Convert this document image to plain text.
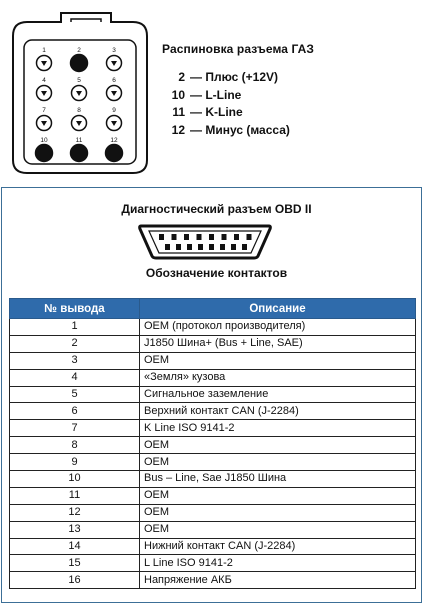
1	2	3
4	5	6
7	8	9
10	11	12
Распиновка разъема ГАЗ
2 — Плюс (+12V)
10 — L-Line
11 — K-Line
12 — Минус (масса)
Диагностический разъем OBD II
Обозначение контактов
№ вывода	Описание
1	OEM (протокол производителя)
2	J1850 Шина+ (Bus + Line, SAE)
3	OEM
4	«Земля» кузова
5	Сигнальное заземление
6	Верхний контакт CAN (J-2284)
7	K Line ISO 9141-2
8	OEM
9	OEM
10	Bus – Line, Sae J1850 Шина
11	OEM
12	OEM
13	OEM
14	Нижний контакт CAN (J-2284)
15	L Line ISO 9141-2
16	Напряжение АКБ
